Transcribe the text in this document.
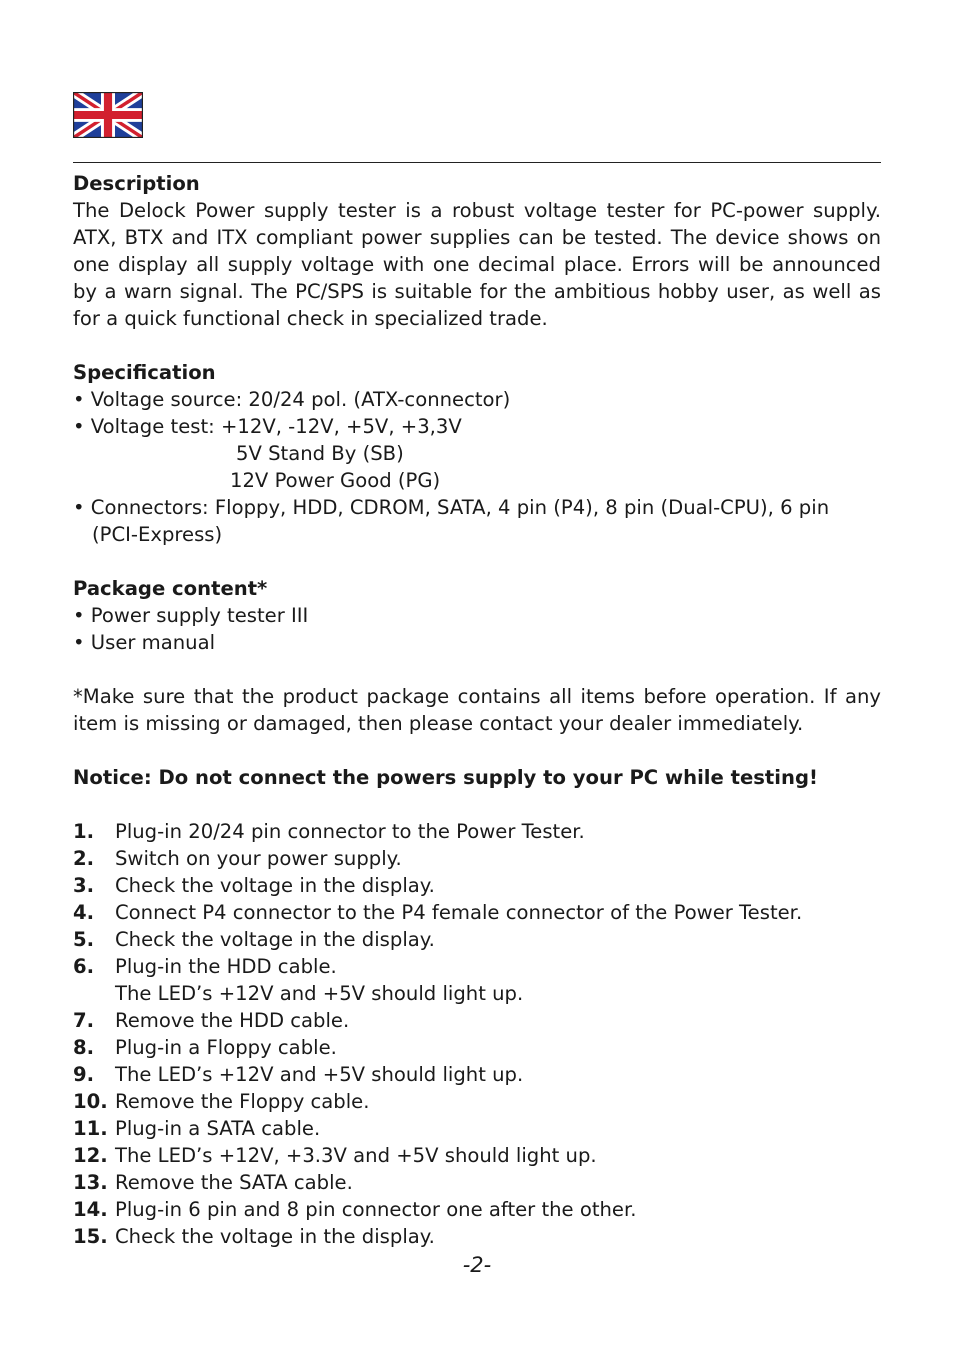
Description

The Delock Power supply tester is a robust voltage tester for PC-power supply. ATX, BTX and ITX compliant power supplies can be tested. The device shows on one display all supply voltage with one decimal place. Errors will be announced by a warn signal. The PC/SPS is suitable for the ambitious hobby user, as well as for a quick functional check in specialized trade.

Specification

• Voltage source: 20/24 pol. (ATX-connector)

• Voltage test: +12V, -12V, +5V, +3,3V

5V Stand By (SB)

12V Power Good (PG)

• Connectors: Floppy, HDD, CDROM, SATA, 4 pin (P4), 8 pin (Dual-CPU), 6 pin (PCI-Express)

Package content*

• Power supply tester III

• User manual

*Make sure that the product package contains all items before operation. If any item is missing or damaged, then please contact your dealer immediately.

Notice: Do not connect the powers supply to your PC while testing!

1.	Plug-in 20/24 pin connector to the Power Tester.
2.	Switch on your power supply.
3.	Check the voltage in the display.
4.	Connect P4 connector to the P4 female connector of the Power Tester.
5.	Check the voltage in the display.
6.	Plug-in the HDD cable.
The LED’s +12V and +5V should light up.
7.	Remove the HDD cable.
8.	Plug-in a Floppy cable.
9.	The LED’s +12V and +5V should light up.
10. Remove the Floppy cable.
11. Plug-in a SATA cable.
12. The LED’s +12V, +3.3V and +5V should light up.
13. Remove the SATA cable.
14. Plug-in 6 pin and 8 pin connector one after the other.
15. Check the voltage in the display.
-2-
